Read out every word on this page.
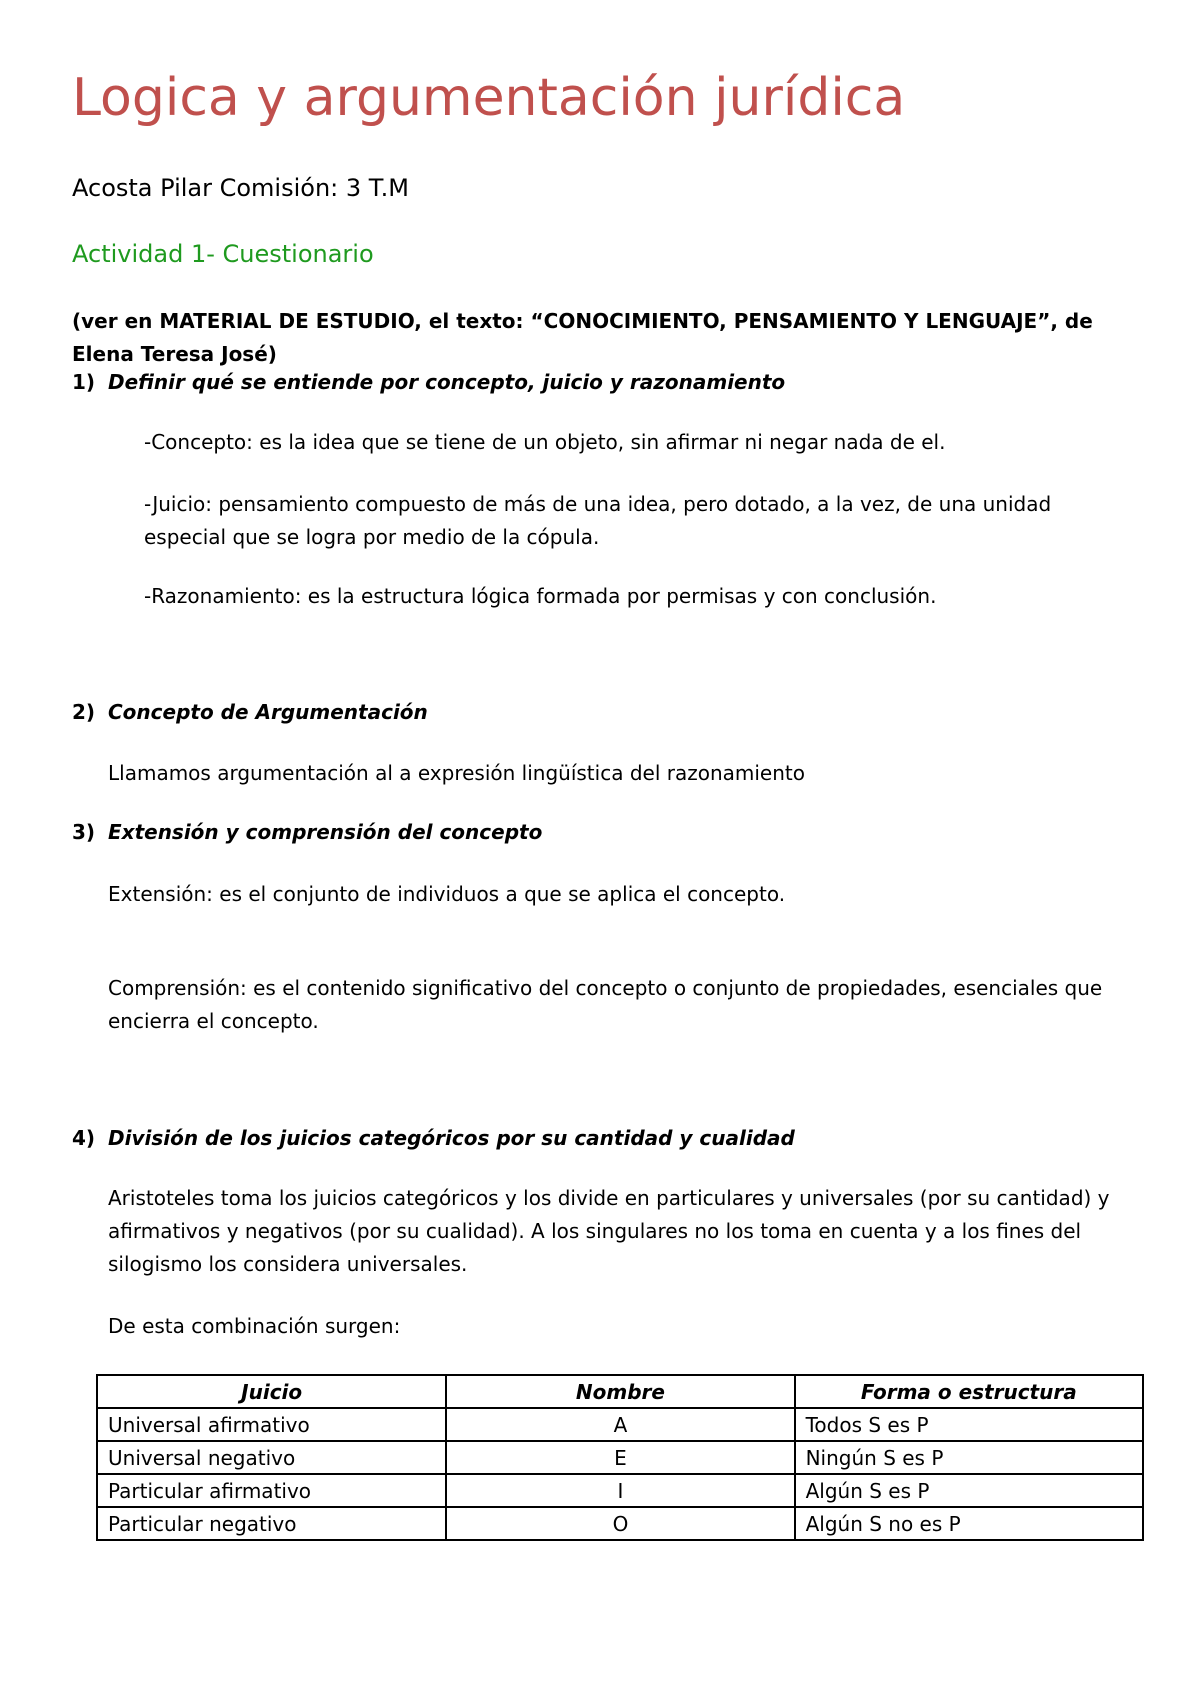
Logica y argumentación jurídica
Acosta Pilar Comisión: 3 T.M
Actividad 1- Cuestionario
(ver en MATERIAL DE ESTUDIO, el texto: “CONOCIMIENTO, PENSAMIENTO Y LENGUAJE”, de Elena Teresa José)
1) Definir qué se entiende por concepto, juicio y razonamiento
-Concepto: es la idea que se tiene de un objeto, sin afirmar ni negar nada de el.
-Juicio: pensamiento compuesto de más de una idea, pero dotado, a la vez, de una unidad especial que se logra por medio de la cópula.
-Razonamiento: es la estructura lógica formada por permisas y con conclusión.
2) Concepto de Argumentación
Llamamos argumentación al a expresión lingüística del razonamiento
3) Extensión y comprensión del concepto
Extensión: es el conjunto de individuos a que se aplica el concepto.
Comprensión: es el contenido significativo del concepto o conjunto de propiedades, esenciales que encierra el concepto.
4) División de los juicios categóricos por su cantidad y cualidad
Aristoteles toma los juicios categóricos y los divide en particulares y universales (por su cantidad) y afirmativos y negativos (por su cualidad). A los singulares no los toma en cuenta y a los fines del silogismo los considera universales.
De esta combinación surgen:
Juicio	Nombre	Forma o estructura
Universal afirmativo	A	Todos S es P
Universal negativo	E	Ningún S es P
Particular afirmativo	I	Algún S es P
Particular negativo	O	Algún S no es P
